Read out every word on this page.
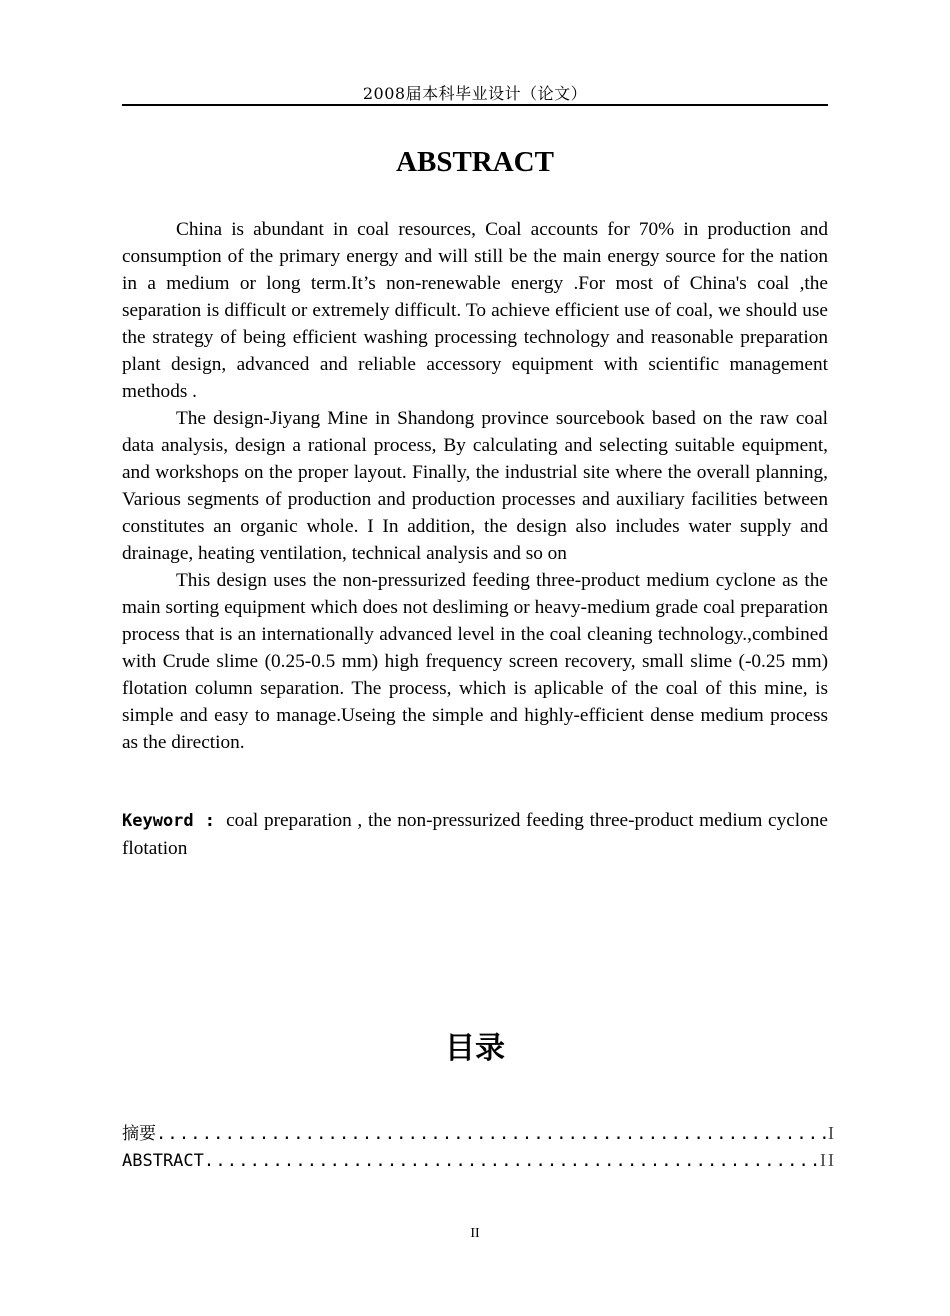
2008届本科毕业设计（论文）
ABSTRACT

China is abundant in coal resources, Coal accounts for 70% in production and consumption of the primary energy and will still be the main energy source for the nation in a medium or long term.It’s non-renewable energy .For most of China's coal ,the separation is difficult or extremely difficult. To achieve efficient use of coal, we should use the strategy of being efficient washing processing technology and reasonable preparation plant design, advanced and reliable accessory equipment with scientific management methods .

The design-Jiyang Mine in Shandong province sourcebook based on the raw coal data analysis, design a rational process, By calculating and selecting suitable equipment, and workshops on the proper layout. Finally, the industrial site where the overall planning, Various segments of production and production processes and auxiliary facilities between constitutes an organic whole. I In addition, the design also includes water supply and drainage, heating ventilation, technical analysis and so on

This design uses the non-pressurized feeding three-product medium cyclone as the main sorting equipment which does not desliming or heavy-medium grade coal preparation process that is an internationally advanced level in the coal cleaning technology.,combined with Crude slime (0.25-0.5 mm) high frequency screen recovery, small slime (-0.25 mm) flotation column separation. The process, which is aplicable of the coal of this mine, is simple and easy to manage.Useing the simple and highly-efficient dense medium process as the direction.

Keyword : coal preparation , the non-pressurized feeding three-product medium cyclone flotation

目录
摘要 .....	I
ABSTRACT .....	II
II
